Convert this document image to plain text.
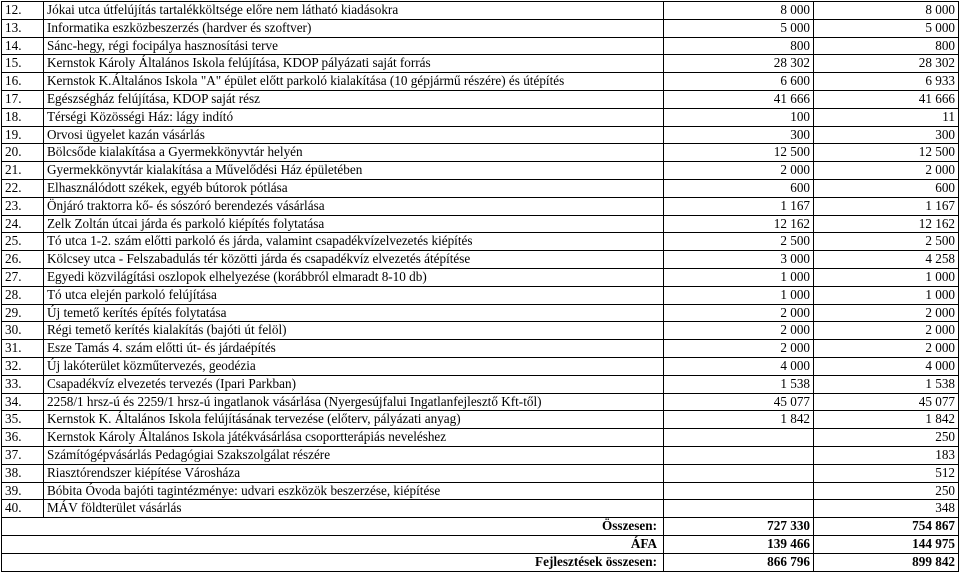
12.	Jókai utca útfelújítás tartalékköltsége előre nem látható kiadásokra	8 000	8 000
13.	Informatika eszközbeszerzés (hardver és szoftver)	5 000	5 000
14.	Sánc-hegy, régi focipálya hasznosítási terve	800	800
15.	Kernstok Károly Általános Iskola felújítása, KDOP pályázati saját forrás	28 302	28 302
16.	Kernstok K.Általános Iskola "A" épület előtt parkoló kialakítása (10 gépjármű részére) és útépítés	6 600	6 933
17.	Egészségház felújítása, KDOP saját rész	41 666	41 666
18.	Térségi Közösségi Ház: lágy indító	100	11
19.	Orvosi ügyelet kazán vásárlás	300	300
20.	Bölcsőde kialakítása a Gyermekkönyvtár helyén	12 500	12 500
21.	Gyermekkönyvtár kialakítása a Művelődési Ház épületében	2 000	2 000
22.	Elhasználódott székek, egyéb bútorok pótlása	600	600
23.	Önjáró traktorra kő- és sószóró berendezés vásárlása	1 167	1 167
24.	Zelk Zoltán útcai járda és parkoló kiépítés folytatása	12 162	12 162
25.	Tó utca 1-2. szám előtti parkoló és járda, valamint csapadékvízelvezetés kiépítés	2 500	2 500
26.	Kölcsey utca - Felszabadulás tér közötti járda és csapadékvíz elvezetés átépítése	3 000	4 258
27.	Egyedi közvilágítási oszlopok elhelyezése (korábbról elmaradt 8-10 db)	1 000	1 000
28.	Tó utca elején parkoló felújítása	1 000	1 000
29.	Új temető kerítés építés folytatása	2 000	2 000
30.	Régi temető kerítés kialakítás (bajóti út felöl)	2 000	2 000
31.	Esze Tamás 4. szám előtti út- és járdaépítés	2 000	2 000
32.	Új lakóterület közműtervezés, geodézia	4 000	4 000
33.	Csapadékvíz elvezetés tervezés (Ipari Parkban)	1 538	1 538
34.	2258/1 hrsz-ú és 2259/1 hrsz-ú ingatlanok vásárlása (Nyergesújfalui Ingatlanfejlesztő Kft-től)	45 077	45 077
35.	Kernstok K. Általános Iskola felújításának tervezése (előterv, pályázati anyag)	1 842	1 842
36.	Kernstok Károly Általános Iskola játékvásárlása csoportterápiás neveléshez		250
37.	Számítógépvásárlás Pedagógiai Szakszolgálat részére		183
38.	Riasztórendszer kiépítése Városháza		512
39.	Bóbita Óvoda bajóti tagintézménye: udvari eszközök beszerzése, kiépítése		250
40.	MÁV földterület vásárlás		348
Összesen:		727 330	754 867
ÁFA		139 466	144 975
Fejlesztések összesen:		866 796	899 842
